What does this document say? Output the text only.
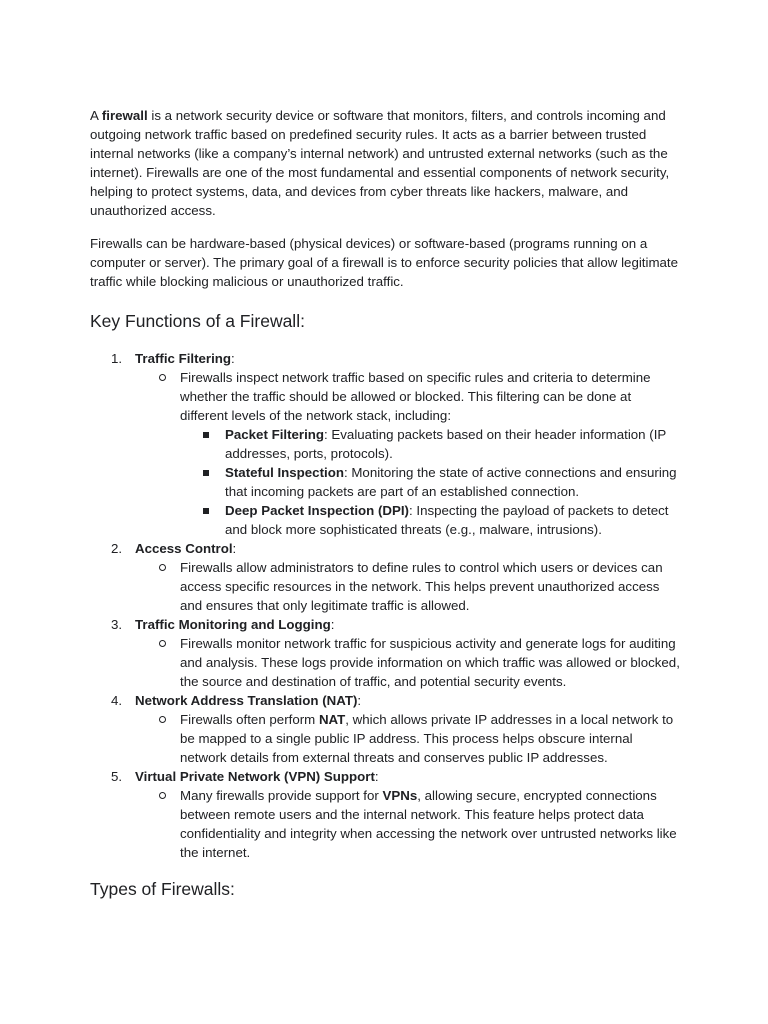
A firewall is a network security device or software that monitors, filters, and controls incoming and outgoing network traffic based on predefined security rules. It acts as a barrier between trusted internal networks (like a company’s internal network) and untrusted external networks (such as the internet). Firewalls are one of the most fundamental and essential components of network security, helping to protect systems, data, and devices from cyber threats like hackers, malware, and unauthorized access.

Firewalls can be hardware-based (physical devices) or software-based (programs running on a computer or server). The primary goal of a firewall is to enforce security policies that allow legitimate traffic while blocking malicious or unauthorized traffic.

Key Functions of a Firewall:
1. Traffic Filtering:
Firewalls inspect network traffic based on specific rules and criteria to determine whether the traffic should be allowed or blocked. This filtering can be done at different levels of the network stack, including:
Packet Filtering: Evaluating packets based on their header information (IP addresses, ports, protocols).
Stateful Inspection: Monitoring the state of active connections and ensuring that incoming packets are part of an established connection.
Deep Packet Inspection (DPI): Inspecting the payload of packets to detect and block more sophisticated threats (e.g., malware, intrusions).
2. Access Control:
Firewalls allow administrators to define rules to control which users or devices can access specific resources in the network. This helps prevent unauthorized access and ensures that only legitimate traffic is allowed.
3. Traffic Monitoring and Logging:
Firewalls monitor network traffic for suspicious activity and generate logs for auditing and analysis. These logs provide information on which traffic was allowed or blocked, the source and destination of traffic, and potential security events.
4. Network Address Translation (NAT):
Firewalls often perform NAT, which allows private IP addresses in a local network to be mapped to a single public IP address. This process helps obscure internal network details from external threats and conserves public IP addresses.
5. Virtual Private Network (VPN) Support:
Many firewalls provide support for VPNs, allowing secure, encrypted connections between remote users and the internal network. This feature helps protect data confidentiality and integrity when accessing the network over untrusted networks like the internet.
Types of Firewalls:
